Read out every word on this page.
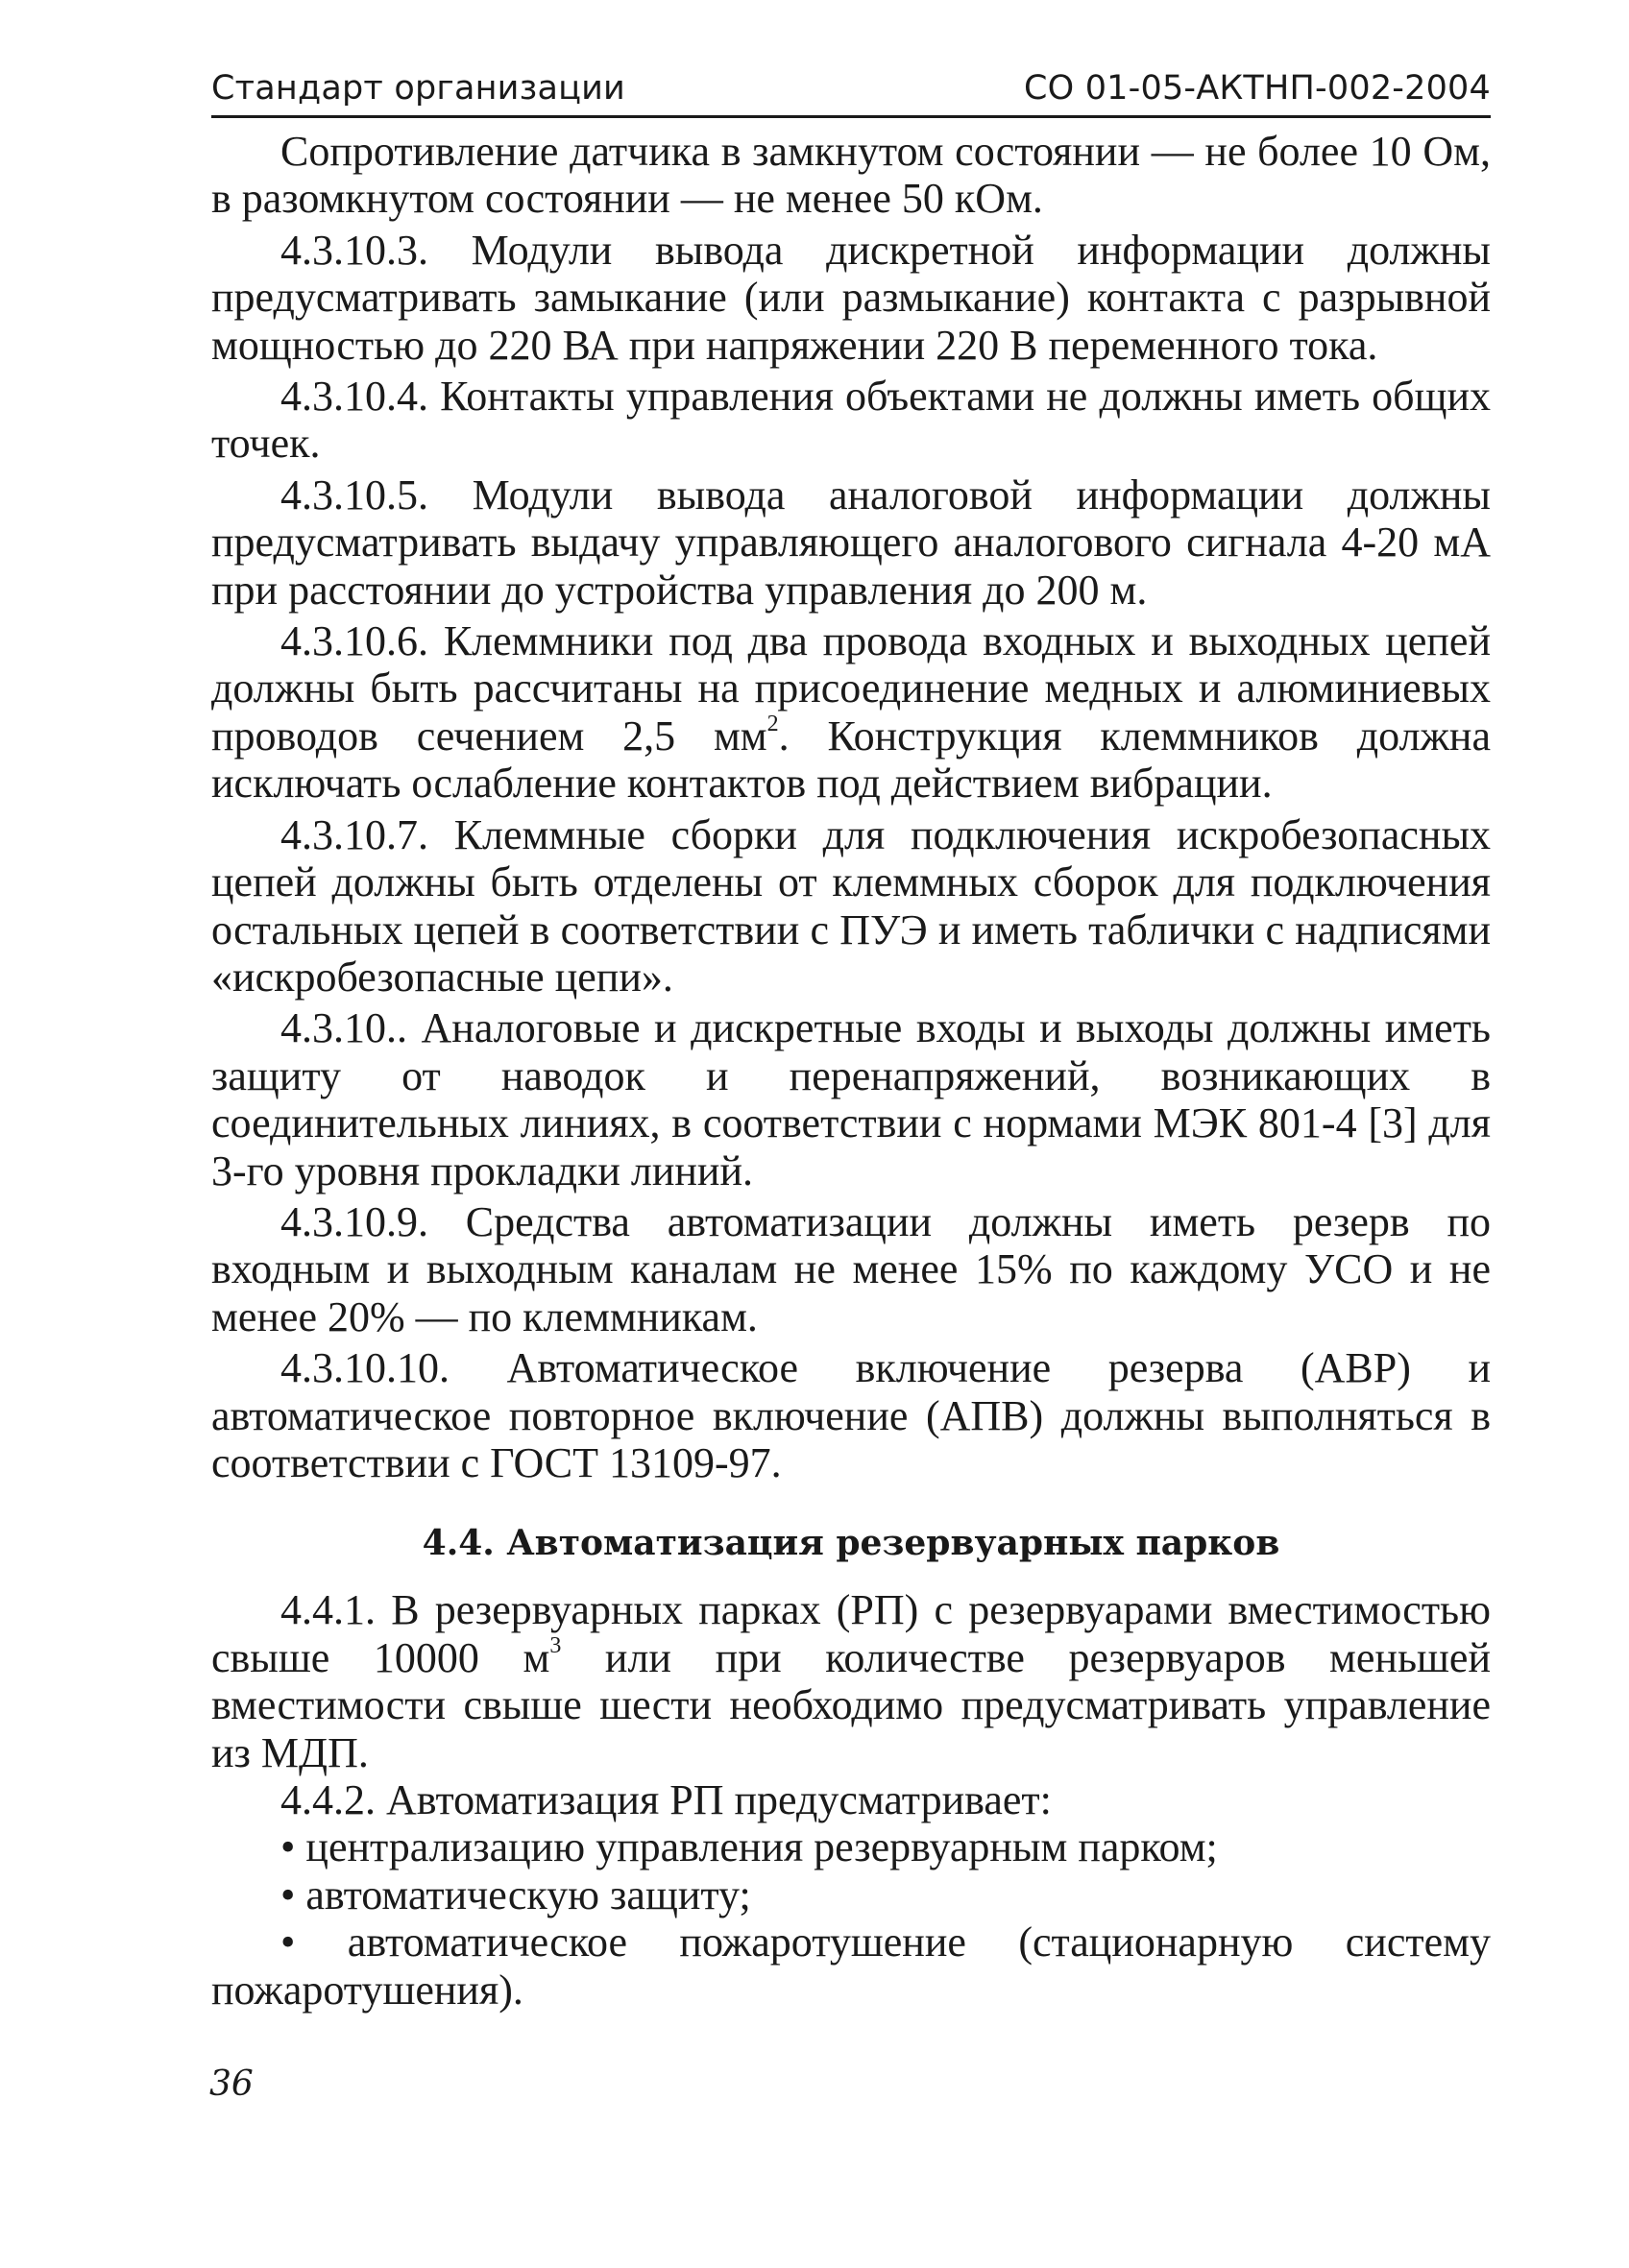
Стандарт организации	СО 01-05-АКТНП-002-2004

Сопротивление датчика в замкнутом состоянии — не более 10 Ом, в разомкнутом состоянии — не менее 50 кОм.

4.3.10.3. Модули вывода дискретной информации должны предусматривать замыкание (или размыкание) контакта с разрывной мощностью до 220 ВА при напряжении 220 В переменного тока.

4.3.10.4. Контакты управления объектами не должны иметь общих точек.

4.3.10.5. Модули вывода аналоговой информации должны предусматривать выдачу управляющего аналогового сигнала 4-20 мА при расстоянии до устройства управления до 200 м.

4.3.10.6. Клеммники под два провода входных и выходных цепей должны быть рассчитаны на присоединение медных и алюминиевых проводов сечением 2,5 $мм^2$. Конструкция клеммников должна исключать ослабление контактов под действием вибрации.

4.3.10.7. Клеммные сборки для подключения искробезопасных цепей должны быть отделены от клеммных сборок для подключения остальных цепей в соответствии с ПУЭ и иметь таблички с надписями «искробезопасные цепи».

4.3.10.. Аналоговые и дискретные входы и выходы должны иметь защиту от наводок и перенапряжений, возникающих в соединительных линиях, в соответствии с нормами МЭК 801-4 [3] для 3-го уровня прокладки линий.

4.3.10.9. Средства автоматизации должны иметь резерв по входным и выходным каналам не менее 15% по каждому УСО и не менее 20% — по клеммникам.

4.3.10.10. Автоматическое включение резерва (АВР) и автоматическое повторное включение (АПВ) должны выполняться в соответствии с ГОСТ 13109-97.

4.4. Автоматизация резервуарных парков

4.4.1. В резервуарных парках (РП) с резервуарами вместимостью свыше 10000 $м^3$ или при количестве резервуаров меньшей вместимости свыше шести необходимо предусматривать управление из МДП.

4.4.2. Автоматизация РП предусматривает:

• централизацию управления резервуарным парком;

• автоматическую защиту;

• автоматическое пожаротушение (стационарную систему пожаротушения).

36
